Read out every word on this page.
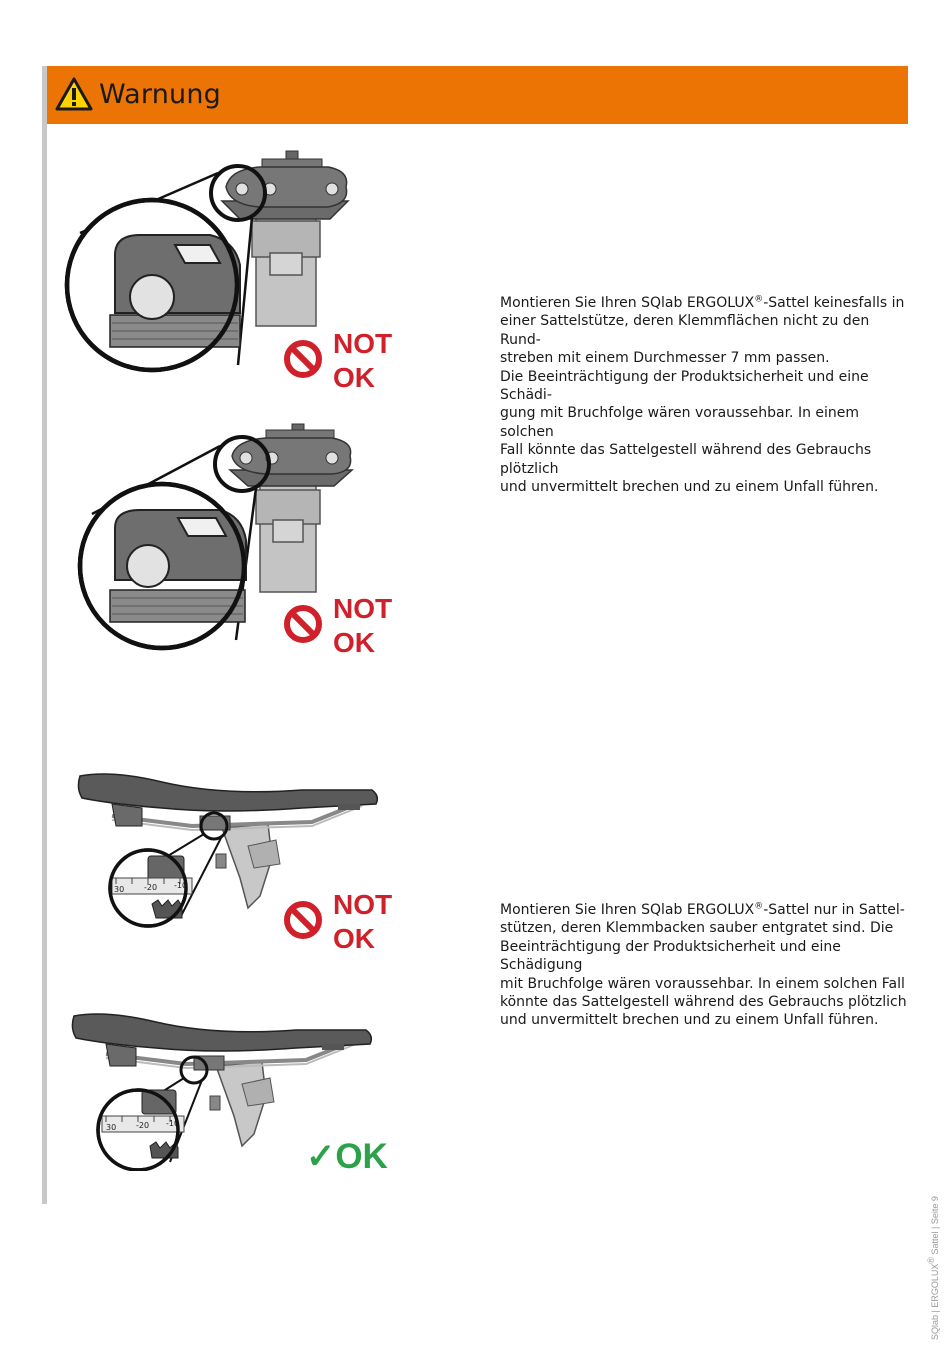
Warnung
NOT
OK

Montieren Sie Ihren SQlab ERGOLUX®-Sattel keinesfalls in

einer Sattelstütze, deren Klemmflächen nicht zu den Rund-

streben mit einem Durchmesser 7 mm passen.

Die Beeinträchtigung der Produktsicherheit und eine Schädi-

gung mit Bruchfolge wären voraussehbar. In einem solchen

Fall könnte das Sattelgestell während des Gebrauchs plötzlich

und unvermittelt brechen und zu einem Unfall führen.

NOT
OK
30 -20 -10
NOT
OK

Montieren Sie Ihren SQlab ERGOLUX®-Sattel nur in Sattel-

stützen, deren Klemmbacken sauber entgratet sind. Die

Beeinträchtigung der Produktsicherheit und eine Schädigung

mit Bruchfolge wären voraussehbar. In einem solchen Fall

könnte das Sattelgestell während des Gebrauchs plötzlich

und unvermittelt brechen und zu einem Unfall führen.

30 -20 -10
✓OK
SQlab | ERGOLUX® Sattel | Seite 9
